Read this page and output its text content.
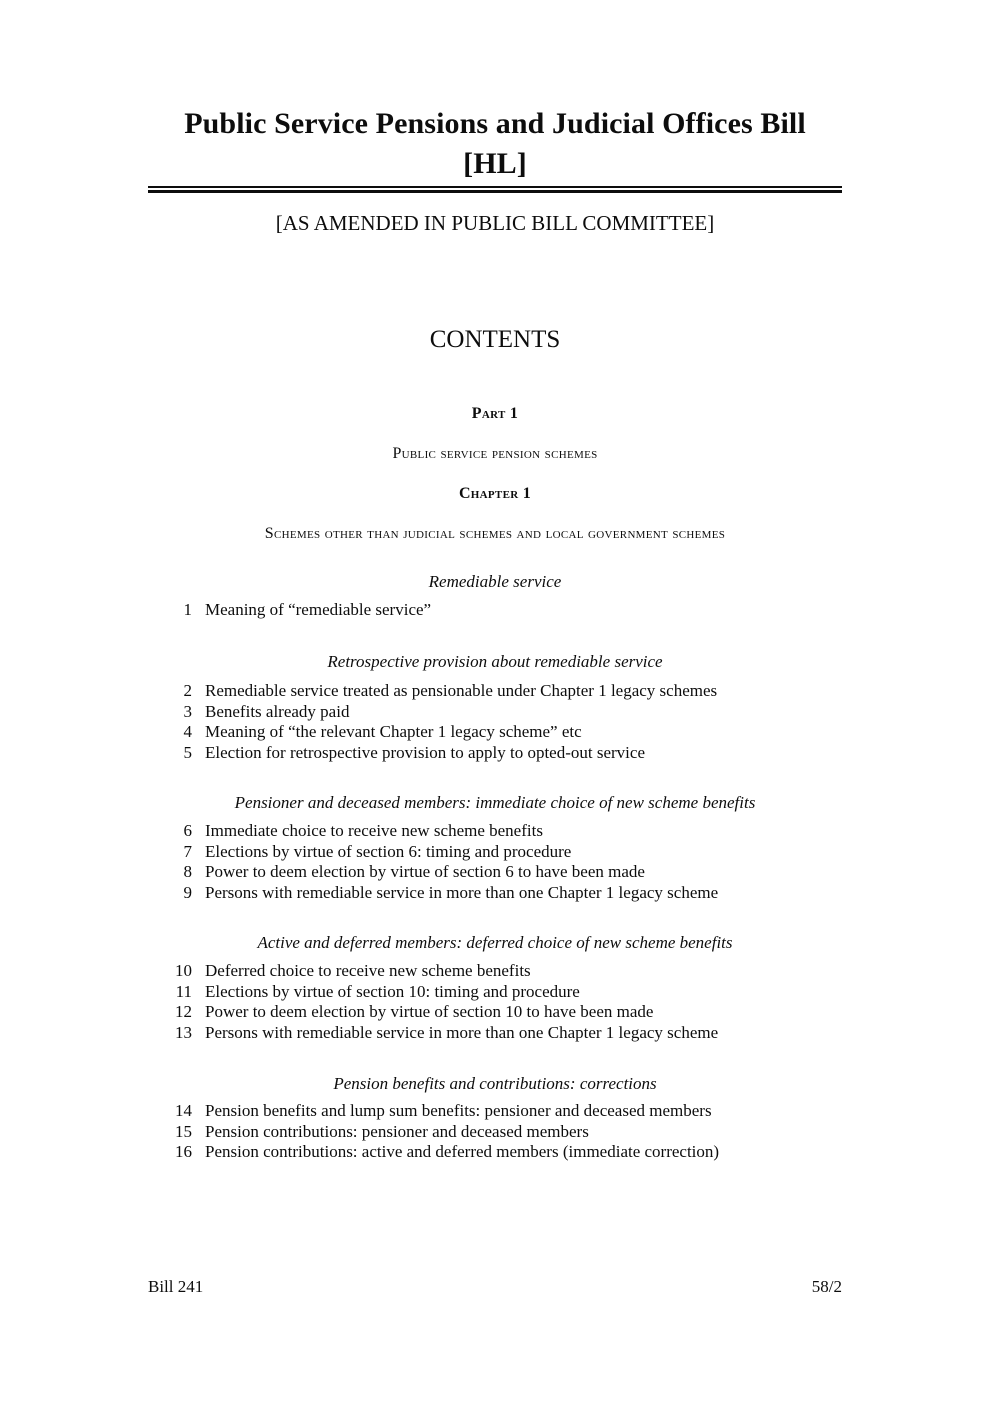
Public Service Pensions and Judicial Offices Bill
[HL]
[AS AMENDED IN PUBLIC BILL COMMITTEE]
CONTENTS
Part 1
Public service pension schemes
Chapter 1
Schemes other than judicial schemes and local government schemes
Remediable service
1 Meaning of “remediable service”
Retrospective provision about remediable service
2 Remediable service treated as pensionable under Chapter 1 legacy schemes
3 Benefits already paid
4 Meaning of “the relevant Chapter 1 legacy scheme” etc
5 Election for retrospective provision to apply to opted-out service
Pensioner and deceased members: immediate choice of new scheme benefits
6 Immediate choice to receive new scheme benefits
7 Elections by virtue of section 6: timing and procedure
8 Power to deem election by virtue of section 6 to have been made
9 Persons with remediable service in more than one Chapter 1 legacy scheme
Active and deferred members: deferred choice of new scheme benefits
10 Deferred choice to receive new scheme benefits
11 Elections by virtue of section 10: timing and procedure
12 Power to deem election by virtue of section 10 to have been made
13 Persons with remediable service in more than one Chapter 1 legacy scheme
Pension benefits and contributions: corrections
14 Pension benefits and lump sum benefits: pensioner and deceased members
15 Pension contributions: pensioner and deceased members
16 Pension contributions: active and deferred members (immediate correction)
Bill 241	58/2
